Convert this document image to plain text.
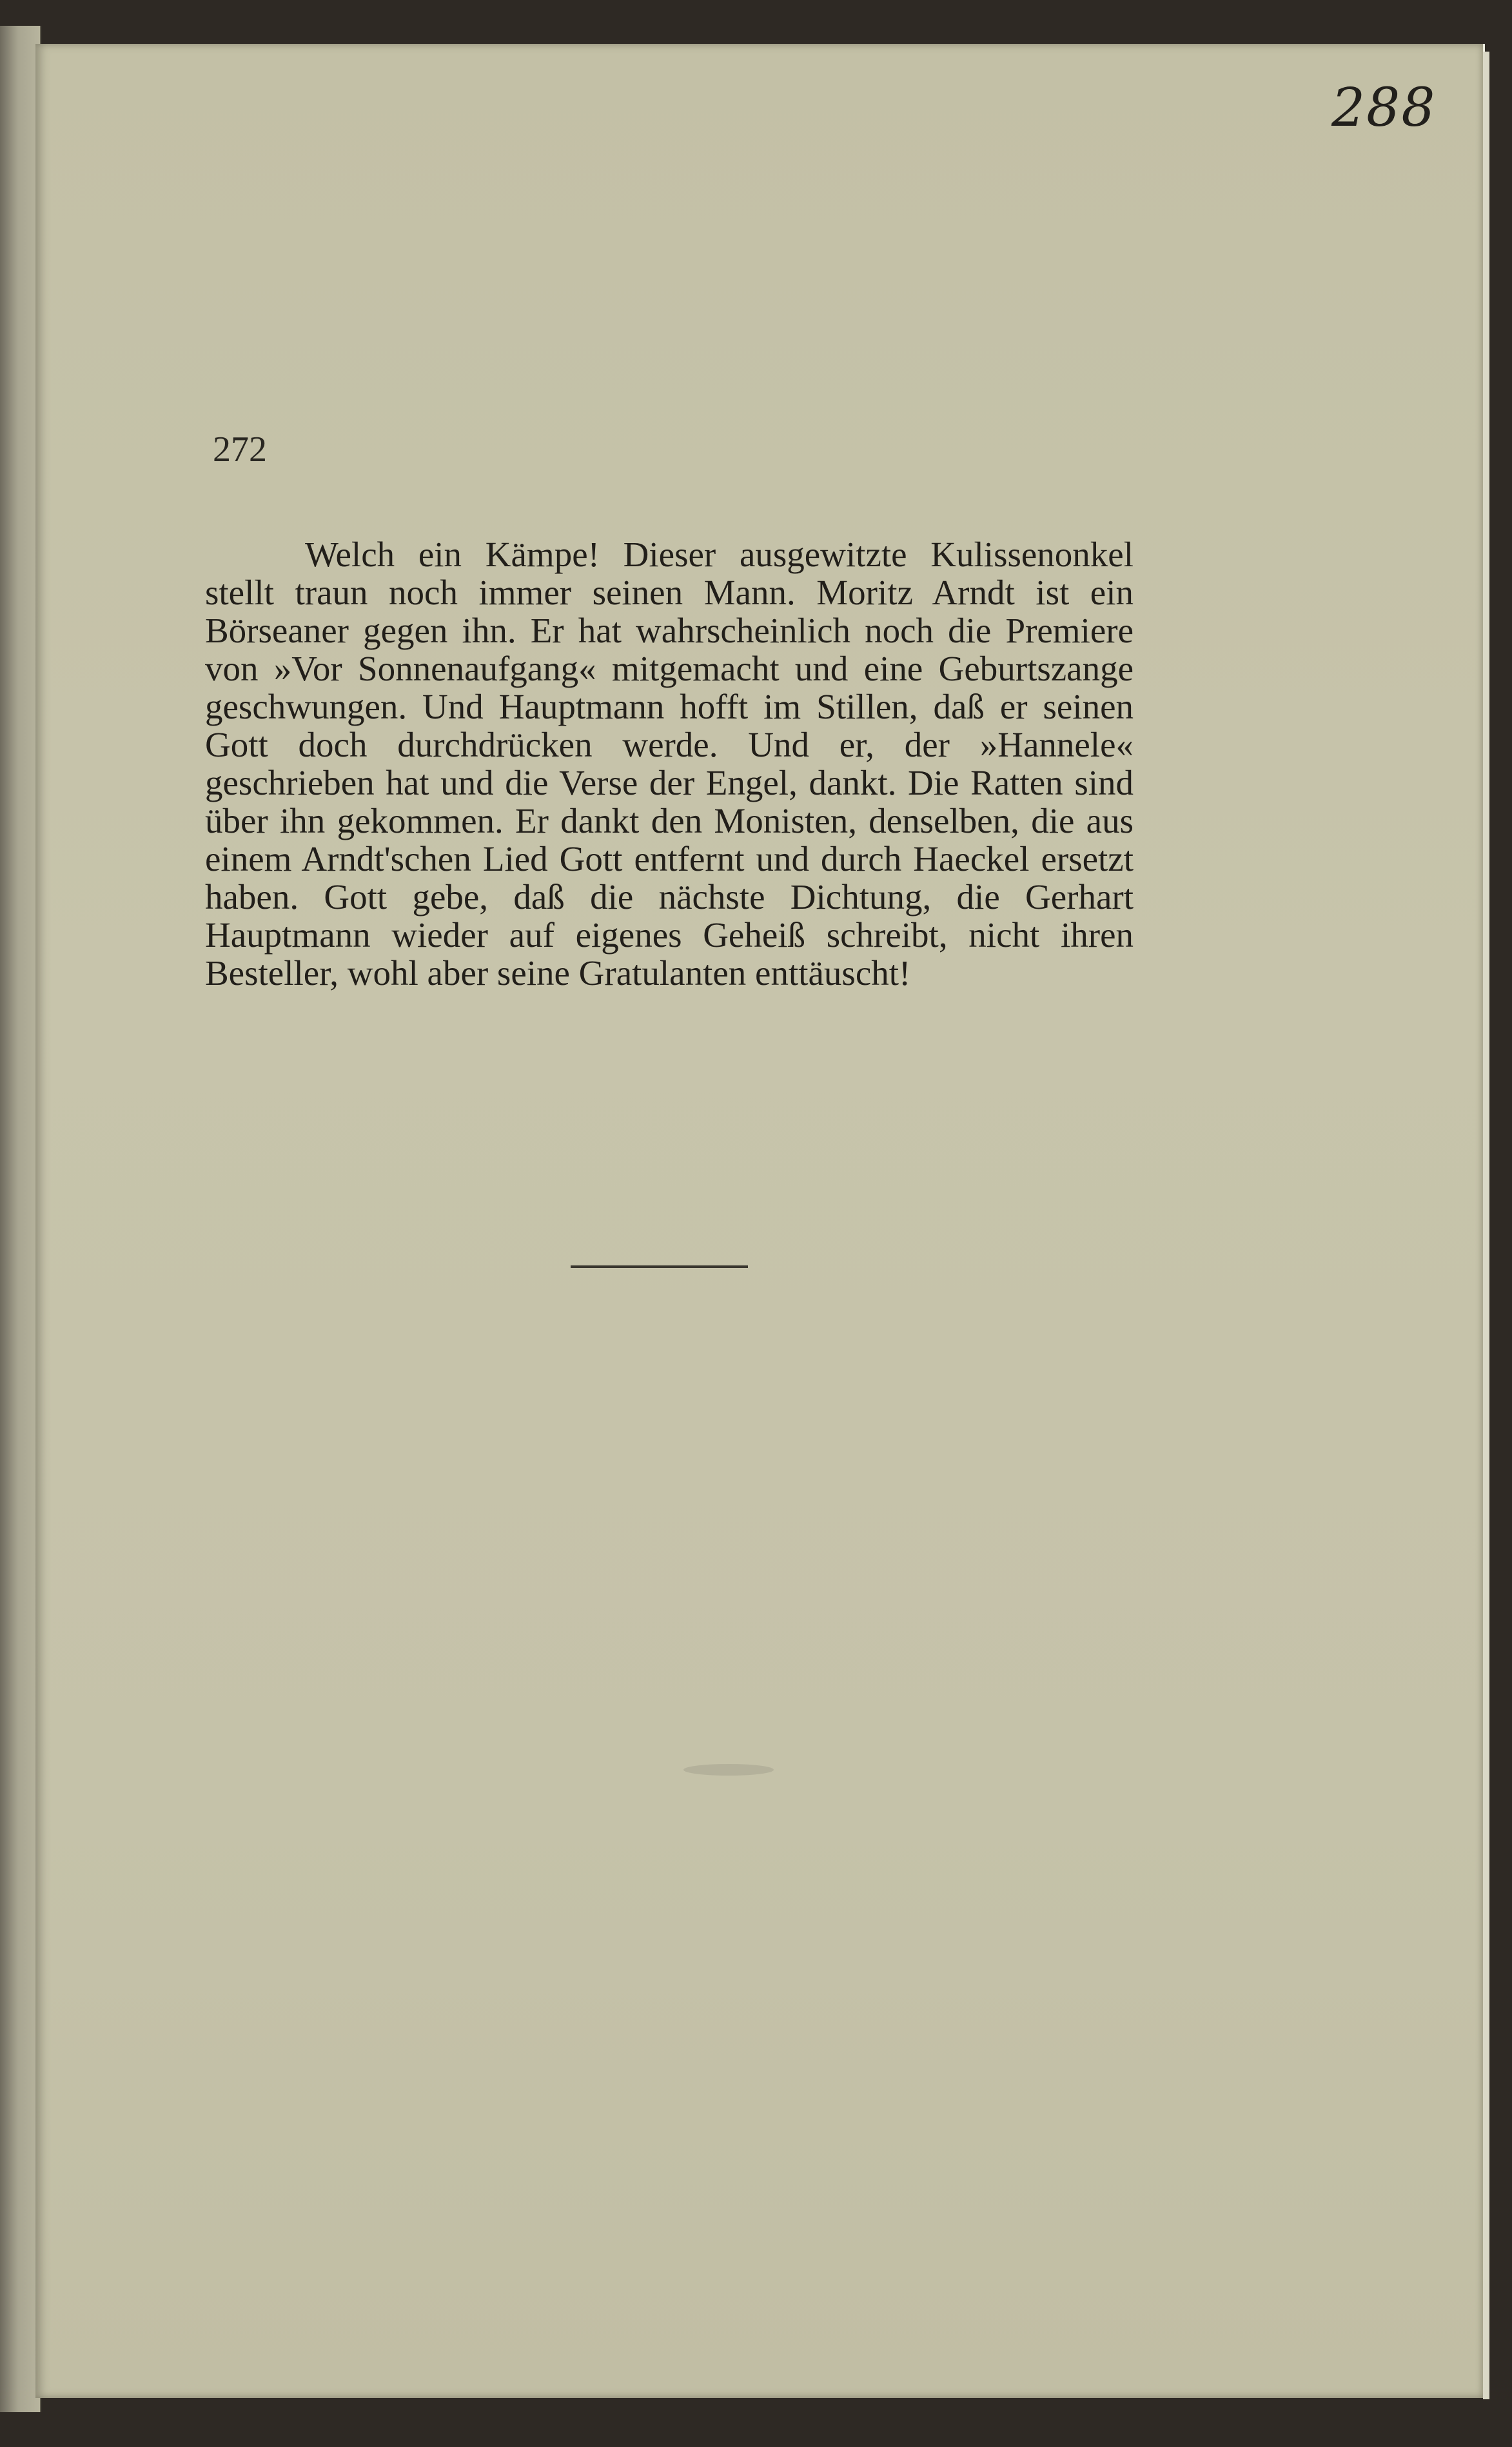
288
272

Welch ein Kämpe! Dieser ausgewitzte Kulissenonkel stellt traun noch immer seinen Mann. Moritz Arndt ist ein Börseaner gegen ihn. Er hat wahrscheinlich noch die Premiere von »Vor Sonnenaufgang« mitgemacht und eine Geburtszange geschwungen. Und Hauptmann hofft im Stillen, daß er seinen Gott doch durchdrücken werde. Und er, der »Hannele« geschrieben hat und die Verse der Engel, dankt. Die Ratten sind über ihn gekommen. Er dankt den Monisten, denselben, die aus einem Arndt'schen Lied Gott entfernt und durch Haeckel ersetzt haben. Gott gebe, daß die nächste Dichtung, die Gerhart Hauptmann wieder auf eigenes Geheiß schreibt, nicht ihren Besteller, wohl aber seine Gratulanten enttäuscht!
